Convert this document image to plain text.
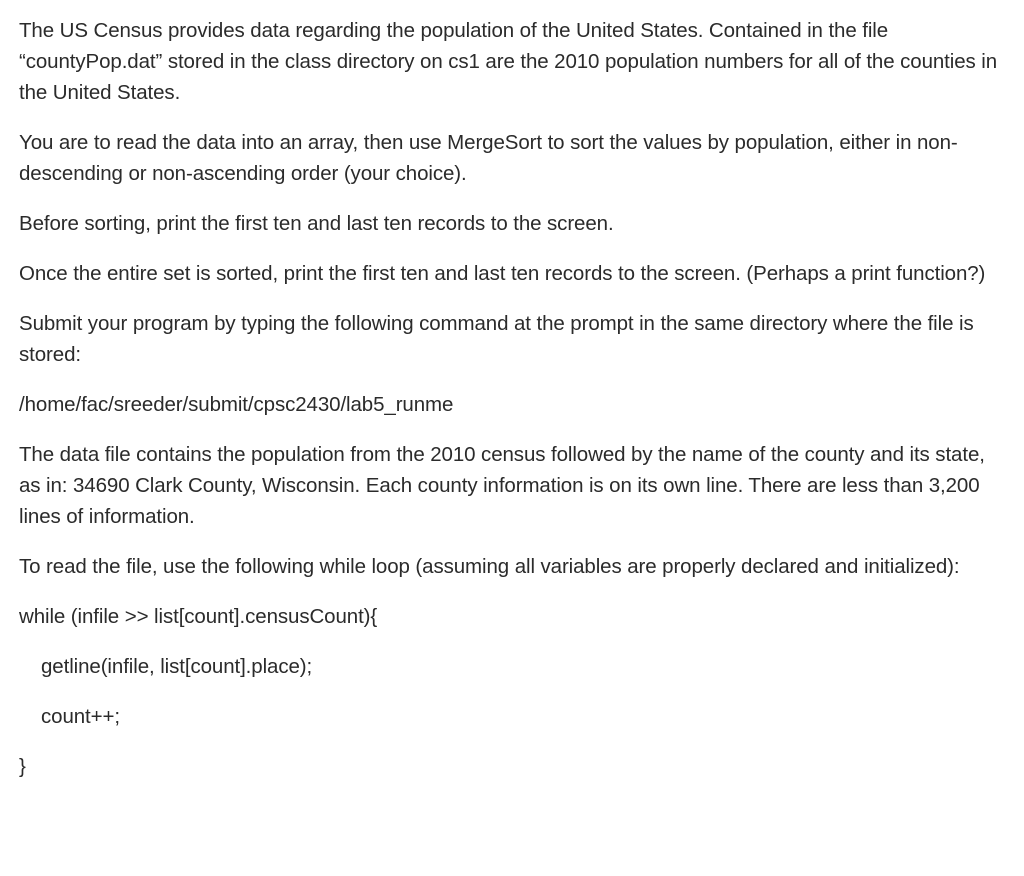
The US Census provides data regarding the population of the United States. Contained in the file “countyPop.dat” stored in the class directory on cs1 are the 2010 population numbers for all of the counties in the United States.

You are to read the data into an array, then use MergeSort to sort the values by population, either in non-descending or non-ascending order (your choice).

Before sorting, print the first ten and last ten records to the screen.

Once the entire set is sorted, print the first ten and last ten records to the screen. (Perhaps a print function?)

Submit your program by typing the following command at the prompt in the same directory where the file is stored:

/home/fac/sreeder/submit/cpsc2430/lab5_runme

The data file contains the population from the 2010 census followed by the name of the county and its state, as in: 34690 Clark County, Wisconsin. Each county information is on its own line. There are less than 3,200 lines of information.

To read the file, use the following while loop (assuming all variables are properly declared and initialized):

while (infile >> list[count].censusCount){

getline(infile, list[count].place);

count++;

}
